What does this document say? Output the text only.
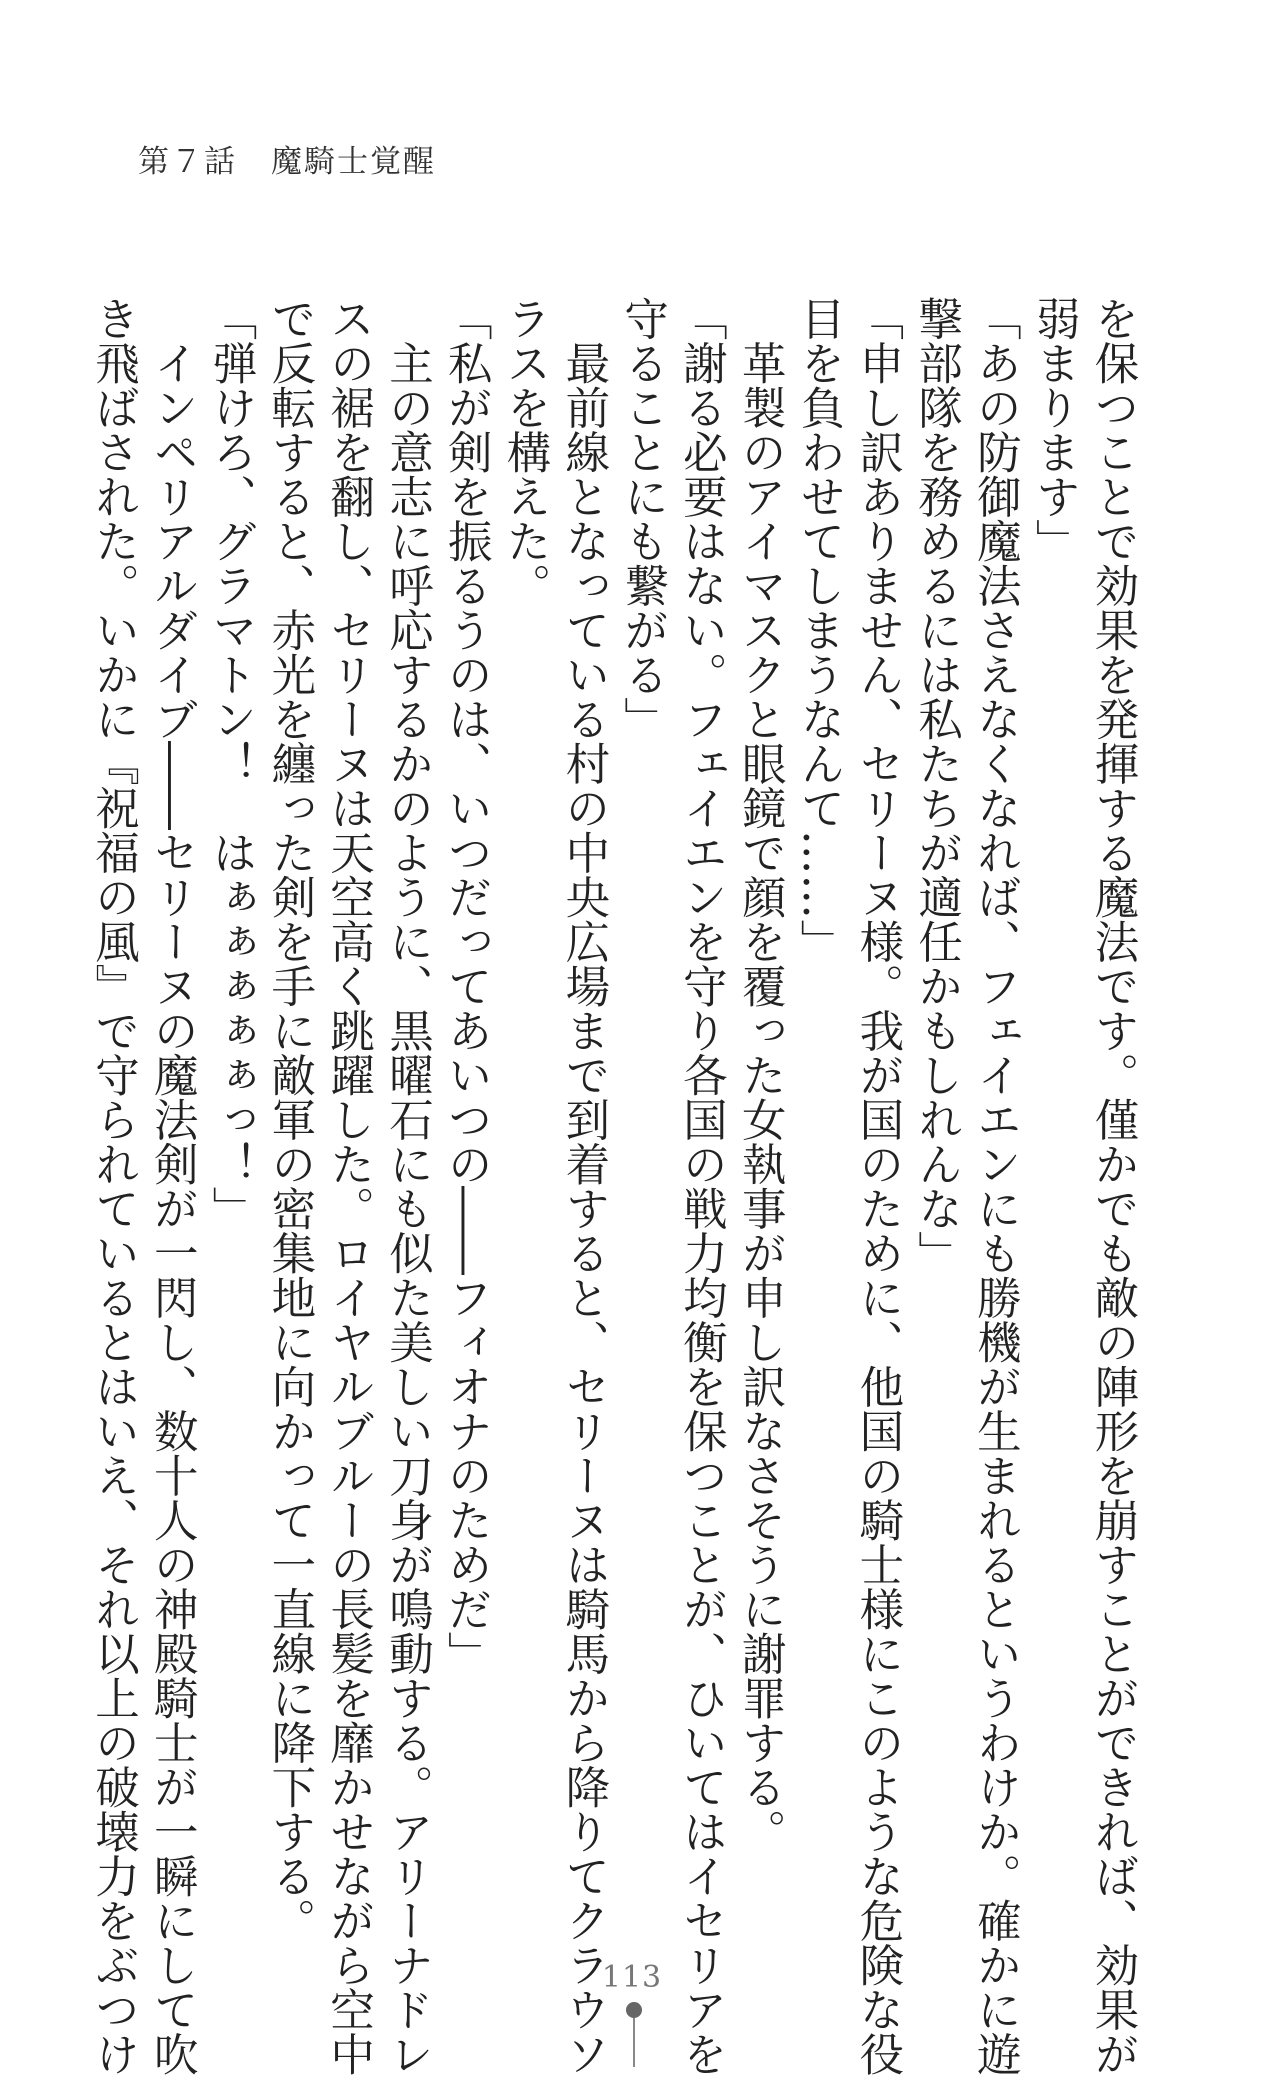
第７話 魔騎士覚醒
を保つことで効果を発揮する魔法です。僅かでも敵の陣形を崩すことができれば、効果が
弱まります」
「あの防御魔法さえなくなれば、フェイエンにも勝機が生まれるというわけか。確かに遊
撃部隊を務めるには私たちが適任かもしれんな」
「申し訳ありません、セリーヌ様。我が国のために、他国の騎士様にこのような危険な役
目を負わせてしまうなんて……」
　革製のアイマスクと眼鏡で顔を覆った女執事が申し訳なさそうに謝罪する。
「謝る必要はない。フェイエンを守り各国の戦力均衡を保つことが、ひいてはイセリアを
守ることにも繋がる」
　最前線となっている村の中央広場まで到着すると、セリーヌは騎馬から降りてクラウソ
ラスを構えた。
「私が剣を振るうのは、いつだってあいつの――フィオナのためだ」
　主の意志に呼応するかのように、黒曜石にも似た美しい刀身が鳴動する。アリーナドレ
スの裾を翻し、セリーヌは天空高く跳躍した。ロイヤルブルーの長髪を靡かせながら空中
で反転すると、赤光を纏った剣を手に敵軍の密集地に向かって一直線に降下する。
「弾けろ、グラマトン！　はぁぁぁぁぁっ！」
　インペリアルダイブ――セリーヌの魔法剣が一閃し、数十人の神殿騎士が一瞬にして吹
き飛ばされた。いかに『祝福の風』で守られているとはいえ、それ以上の破壊力をぶつけ	113
